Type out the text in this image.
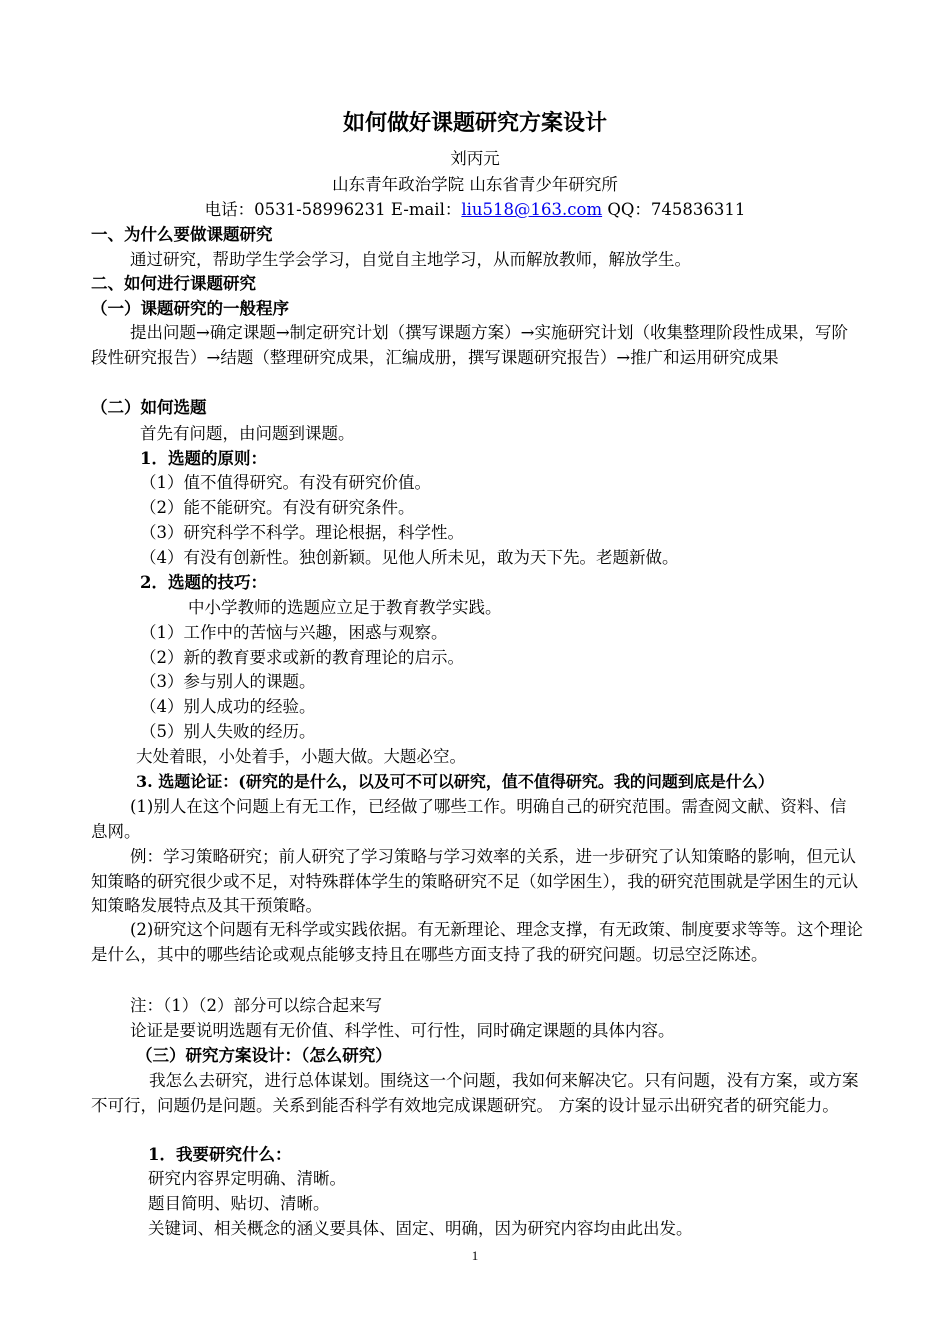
如何做好课题研究方案设计
刘丙元
山东青年政治学院 山东省青少年研究所
电话：0531-58996231 E-mail：liu518@163.com QQ：745836311
一、为什么要做课题研究
通过研究，帮助学生学会学习，自觉自主地学习，从而解放教师，解放学生。
二、如何进行课题研究
（一）课题研究的一般程序
提出问题→确定课题→制定研究计划（撰写课题方案）→实施研究计划（收集整理阶段性成果，写阶段性研究报告）→结题（整理研究成果，汇编成册，撰写课题研究报告）→推广和运用研究成果
（二）如何选题
首先有问题，由问题到课题。
1．选题的原则：
（1）值不值得研究。有没有研究价值。
（2）能不能研究。有没有研究条件。
（3）研究科学不科学。理论根据，科学性。
（4）有没有创新性。独创新颖。见他人所未见，敢为天下先。老题新做。
2．选题的技巧：
中小学教师的选题应立足于教育教学实践。
（1）工作中的苦恼与兴趣，困惑与观察。
（2）新的教育要求或新的教育理论的启示。
（3）参与别人的课题。
（4）别人成功的经验。
（5）别人失败的经历。
大处着眼，小处着手，小题大做。大题必空。
3. 选题论证：(研究的是什么，以及可不可以研究，值不值得研究。我的问题到底是什么）
(1)别人在这个问题上有无工作，已经做了哪些工作。明确自己的研究范围。需查阅文献、资料、信息网。
例：学习策略研究；前人研究了学习策略与学习效率的关系，进一步研究了认知策略的影响，但元认知策略的研究很少或不足，对特殊群体学生的策略研究不足（如学困生），我的研究范围就是学困生的元认知策略发展特点及其干预策略。
(2)研究这个问题有无科学或实践依据。有无新理论、理念支撑，有无政策、制度要求等等。这个理论是什么，其中的哪些结论或观点能够支持且在哪些方面支持了我的研究问题。切忌空泛陈述。
注：（1）（2）部分可以综合起来写
论证是要说明选题有无价值、科学性、可行性，同时确定课题的具体内容。
（三）研究方案设计：（怎么研究）
我怎么去研究，进行总体谋划。围绕这一个问题，我如何来解决它。只有问题，没有方案，或方案不可行，问题仍是问题。关系到能否科学有效地完成课题研究。 方案的设计显示出研究者的研究能力。
1．我要研究什么：
研究内容界定明确、清晰。
题目简明、贴切、清晰。
关键词、相关概念的涵义要具体、固定、明确，因为研究内容均由此出发。
1
